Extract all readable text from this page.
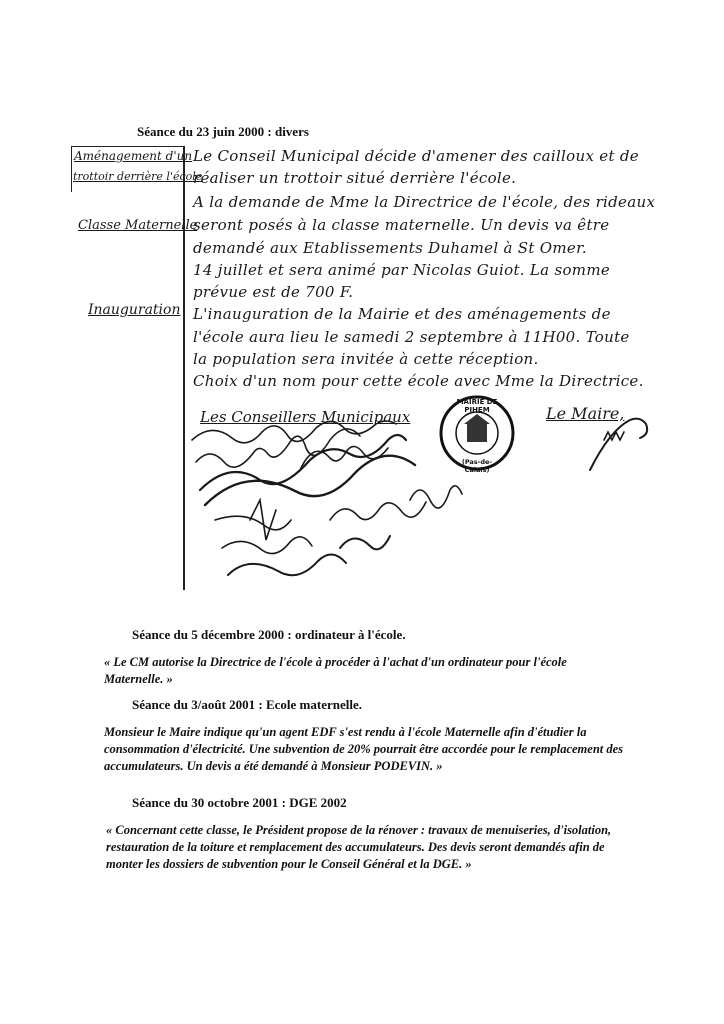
Séance du 23 juin 2000 : divers
Aménagement d'un
trottoir derrière l'école
Classe Maternelle
Inauguration
Le Conseil Municipal décide d'amener des cailloux et de
réaliser un trottoir situé derrière l'école.
A la demande de Mme la Directrice de l'école, des rideaux
seront posés à la classe maternelle. Un devis va être
demandé aux Etablissements Duhamel à St Omer.
14 juillet et sera animé par Nicolas Guiot. La somme
prévue est de 700 F.
L'inauguration de la Mairie et des aménagements de
l'école aura lieu le samedi 2 septembre à 11H00. Toute
la population sera invitée à cette réception.
Choix d'un nom pour cette école avec Mme la Directrice.
Les Conseillers Municipaux	Le Maire,
MAIRIE DE PIHEM
(Pas-de-Calais)
Séance du 5 décembre 2000 : ordinateur à l'école.
« Le CM autorise la Directrice de l'école à procéder à l'achat d'un ordinateur pour l'école Maternelle. »
Séance du 3/août 2001 : Ecole maternelle.
Monsieur le Maire indique qu'un agent EDF s'est rendu à l'école Maternelle afin d'étudier la consommation d'électricité. Une subvention de 20% pourrait être accordée pour le remplacement des accumulateurs. Un devis a été demandé à Monsieur PODEVIN. »
Séance du 30 octobre 2001 : DGE 2002
« Concernant cette classe, le Président propose de la rénover : travaux de menuiseries, d'isolation, restauration de la toiture et remplacement des accumulateurs. Des devis seront demandés afin de monter les dossiers de subvention pour le Conseil Général et la DGE. »
